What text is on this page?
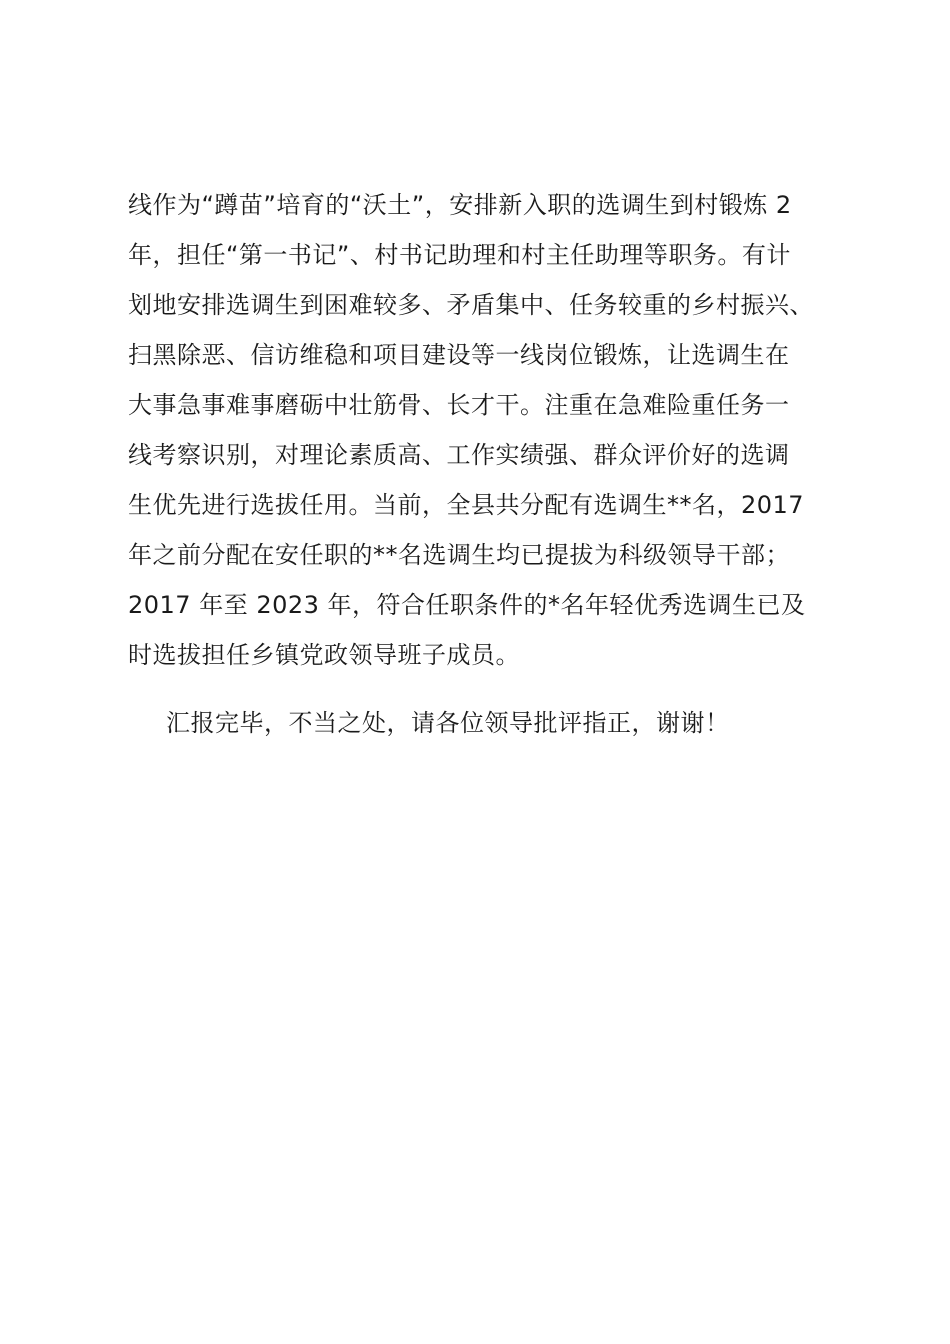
线作为“蹲苗”培育的“沃土”，安排新入职的选调生到村锻炼 2
年，担任“第一书记”、村书记助理和村主任助理等职务。有计
划地安排选调生到困难较多、矛盾集中、任务较重的乡村振兴、
扫黑除恶、信访维稳和项目建设等一线岗位锻炼，让选调生在
大事急事难事磨砺中壮筋骨、长才干。注重在急难险重任务一
线考察识别，对理论素质高、工作实绩强、群众评价好的选调
生优先进行选拔任用。当前，全县共分配有选调生**名，2017
年之前分配在安任职的**名选调生均已提拔为科级领导干部；
2017 年至 2023 年，符合任职条件的*名年轻优秀选调生已及
时选拔担任乡镇党政领导班子成员。
汇报完毕，不当之处，请各位领导批评指正，谢谢！
